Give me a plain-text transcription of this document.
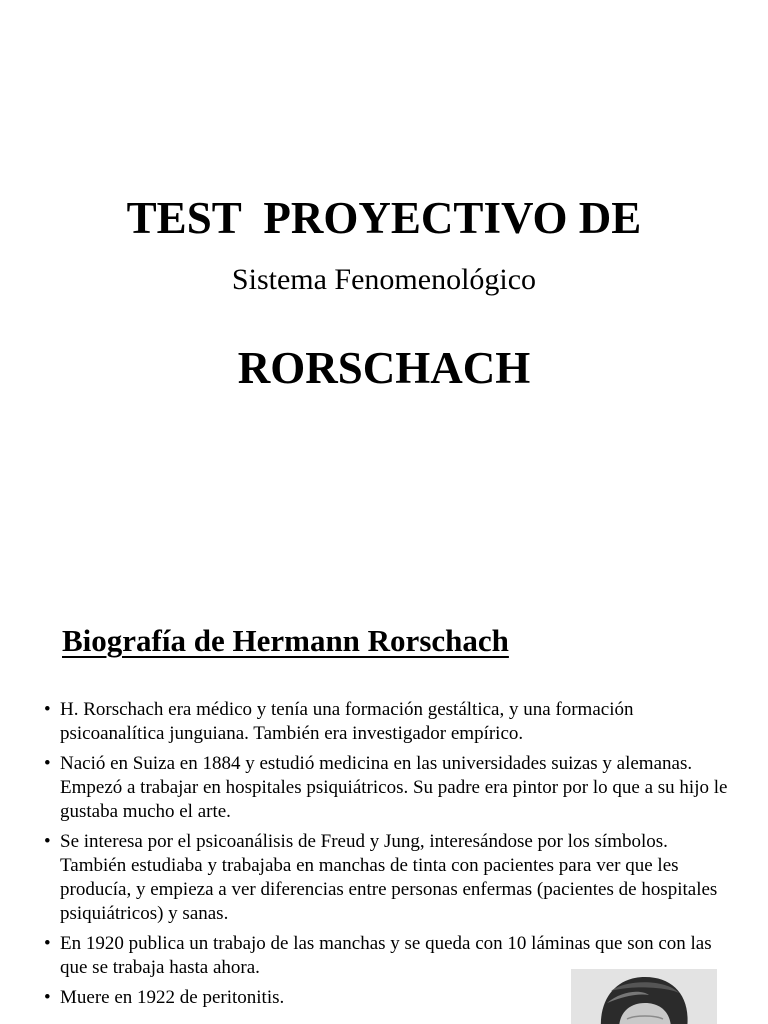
TEST  PROYECTIVO DE

RORSCHACH

Sistema Fenomenológico

Biografía de Hermann Rorschach
• H. Rorschach era médico y tenía una formación gestáltica, y una formación psicoanalítica junguiana. También era investigador empírico.
• Nació en Suiza en 1884 y estudió medicina en las universidades suizas y alemanas. Empezó a trabajar en hospitales psiquiátricos. Su padre era pintor por lo que a su hijo le gustaba mucho el arte.
• Se interesa por el psicoanálisis de Freud y Jung, interesándose por los símbolos. También estudiaba y trabajaba en manchas de tinta con pacientes para ver que les producía, y empieza a ver diferencias entre personas enfermas (pacientes de hospitales psiquiátricos) y sanas.
• En 1920 publica un trabajo de las manchas y se queda con 10 láminas que son con las que se trabaja hasta ahora.
• Muere en 1922 de peritonitis.
